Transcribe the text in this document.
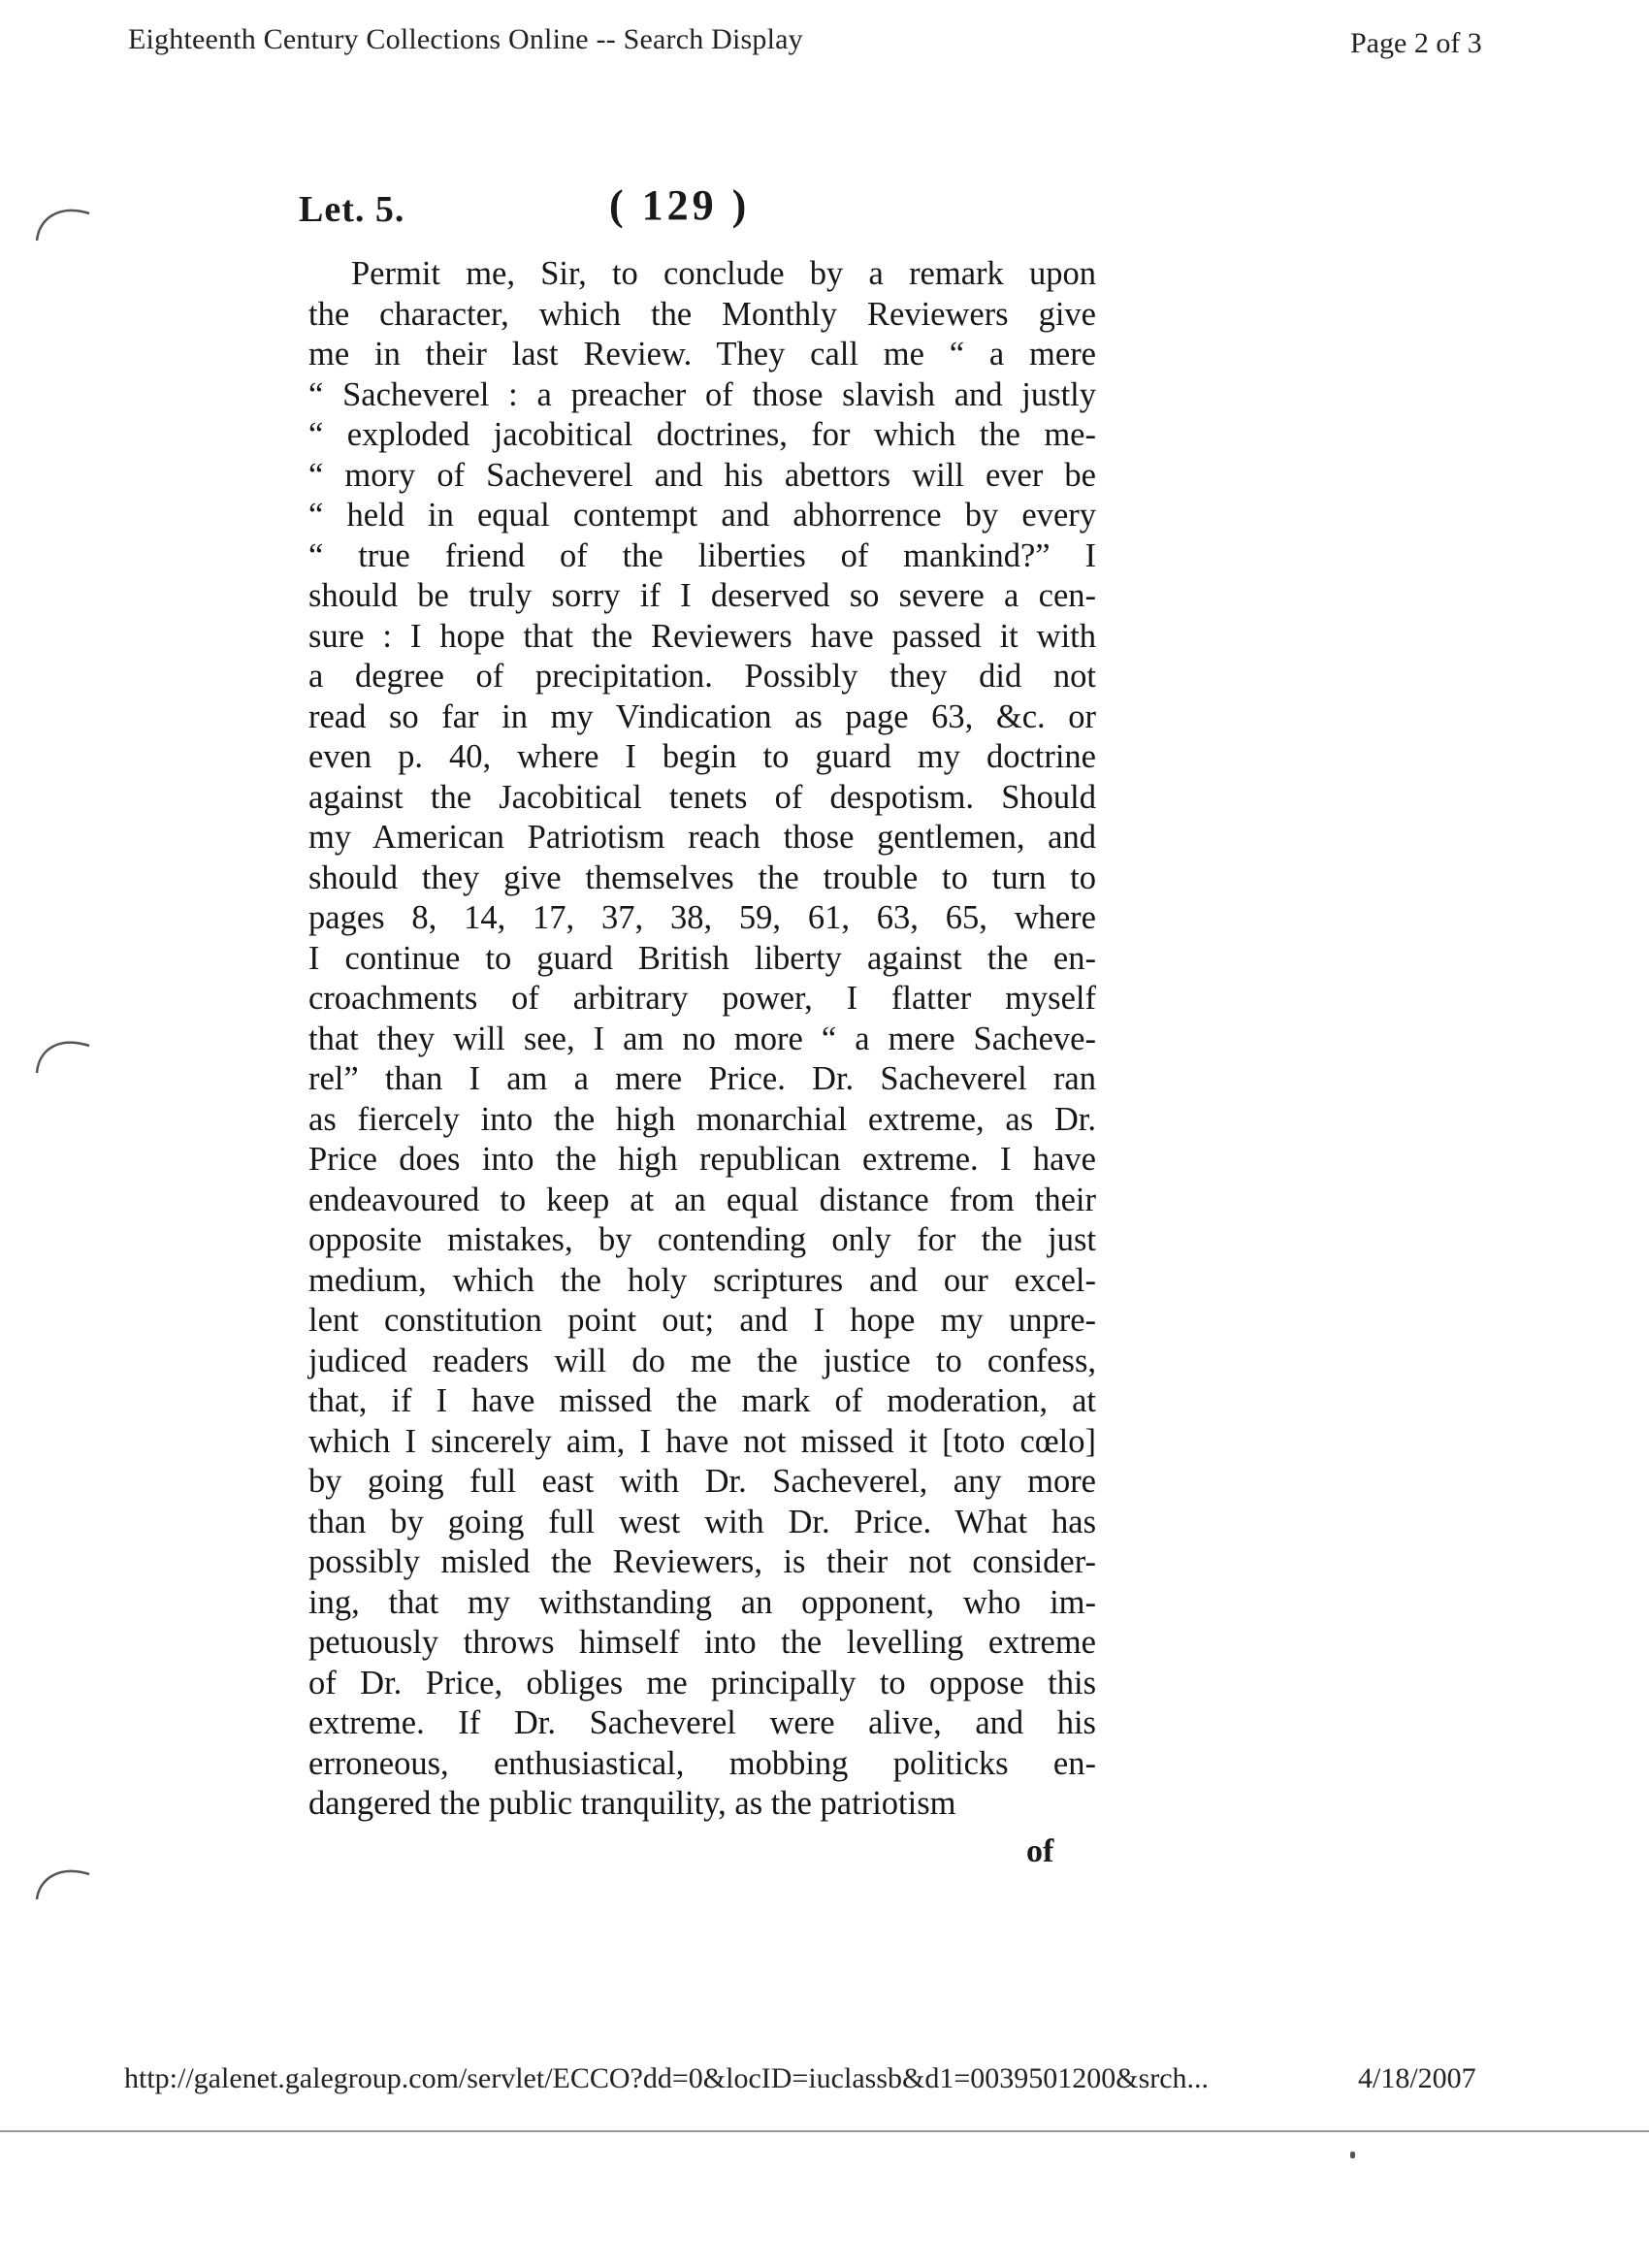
Eighteenth Century Collections Online -- Search Display	Page 2 of 3
Let. 5.	( 129 )
Permit me, Sir, to conclude by a remark upon
the character, which the Monthly Reviewers give
me in their last Review. They call me “ a mere
“ Sacheverel : a preacher of those slavish and justly
“ exploded jacobitical doctrines, for which the me-
“ mory of Sacheverel and his abettors will ever be
“ held in equal contempt and abhorrence by every
“ true friend of the liberties of mankind?” I
should be truly sorry if I deserved so severe a cen-
sure : I hope that the Reviewers have passed it with
a degree of precipitation. Possibly they did not
read so far in my Vindication as page 63, &c. or
even p. 40, where I begin to guard my doctrine
against the Jacobitical tenets of despotism. Should
my American Patriotism reach those gentlemen, and
should they give themselves the trouble to turn to
pages 8, 14, 17, 37, 38, 59, 61, 63, 65, where
I continue to guard British liberty against the en-
croachments of arbitrary power, I flatter myself
that they will see, I am no more “ a mere Sacheve-
rel” than I am a mere Price. Dr. Sacheverel ran
as fiercely into the high monarchial extreme, as Dr.
Price does into the high republican extreme. I have
endeavoured to keep at an equal distance from their
opposite mistakes, by contending only for the just
medium, which the holy scriptures and our excel-
lent constitution point out; and I hope my unpre-
judiced readers will do me the justice to confess,
that, if I have missed the mark of moderation, at
which I sincerely aim, I have not missed it [toto cœlo]
by going full east with Dr. Sacheverel, any more
than by going full west with Dr. Price. What has
possibly misled the Reviewers, is their not consider-
ing, that my withstanding an opponent, who im-
petuously throws himself into the levelling extreme
of Dr. Price, obliges me principally to oppose this
extreme. If Dr. Sacheverel were alive, and his
erroneous, enthusiastical, mobbing politicks en-
dangered the public tranquility, as the patriotism
of
http://galenet.galegroup.com/servlet/ECCO?dd=0&locID=iuclassb&d1=0039501200&srch...	4/18/2007
